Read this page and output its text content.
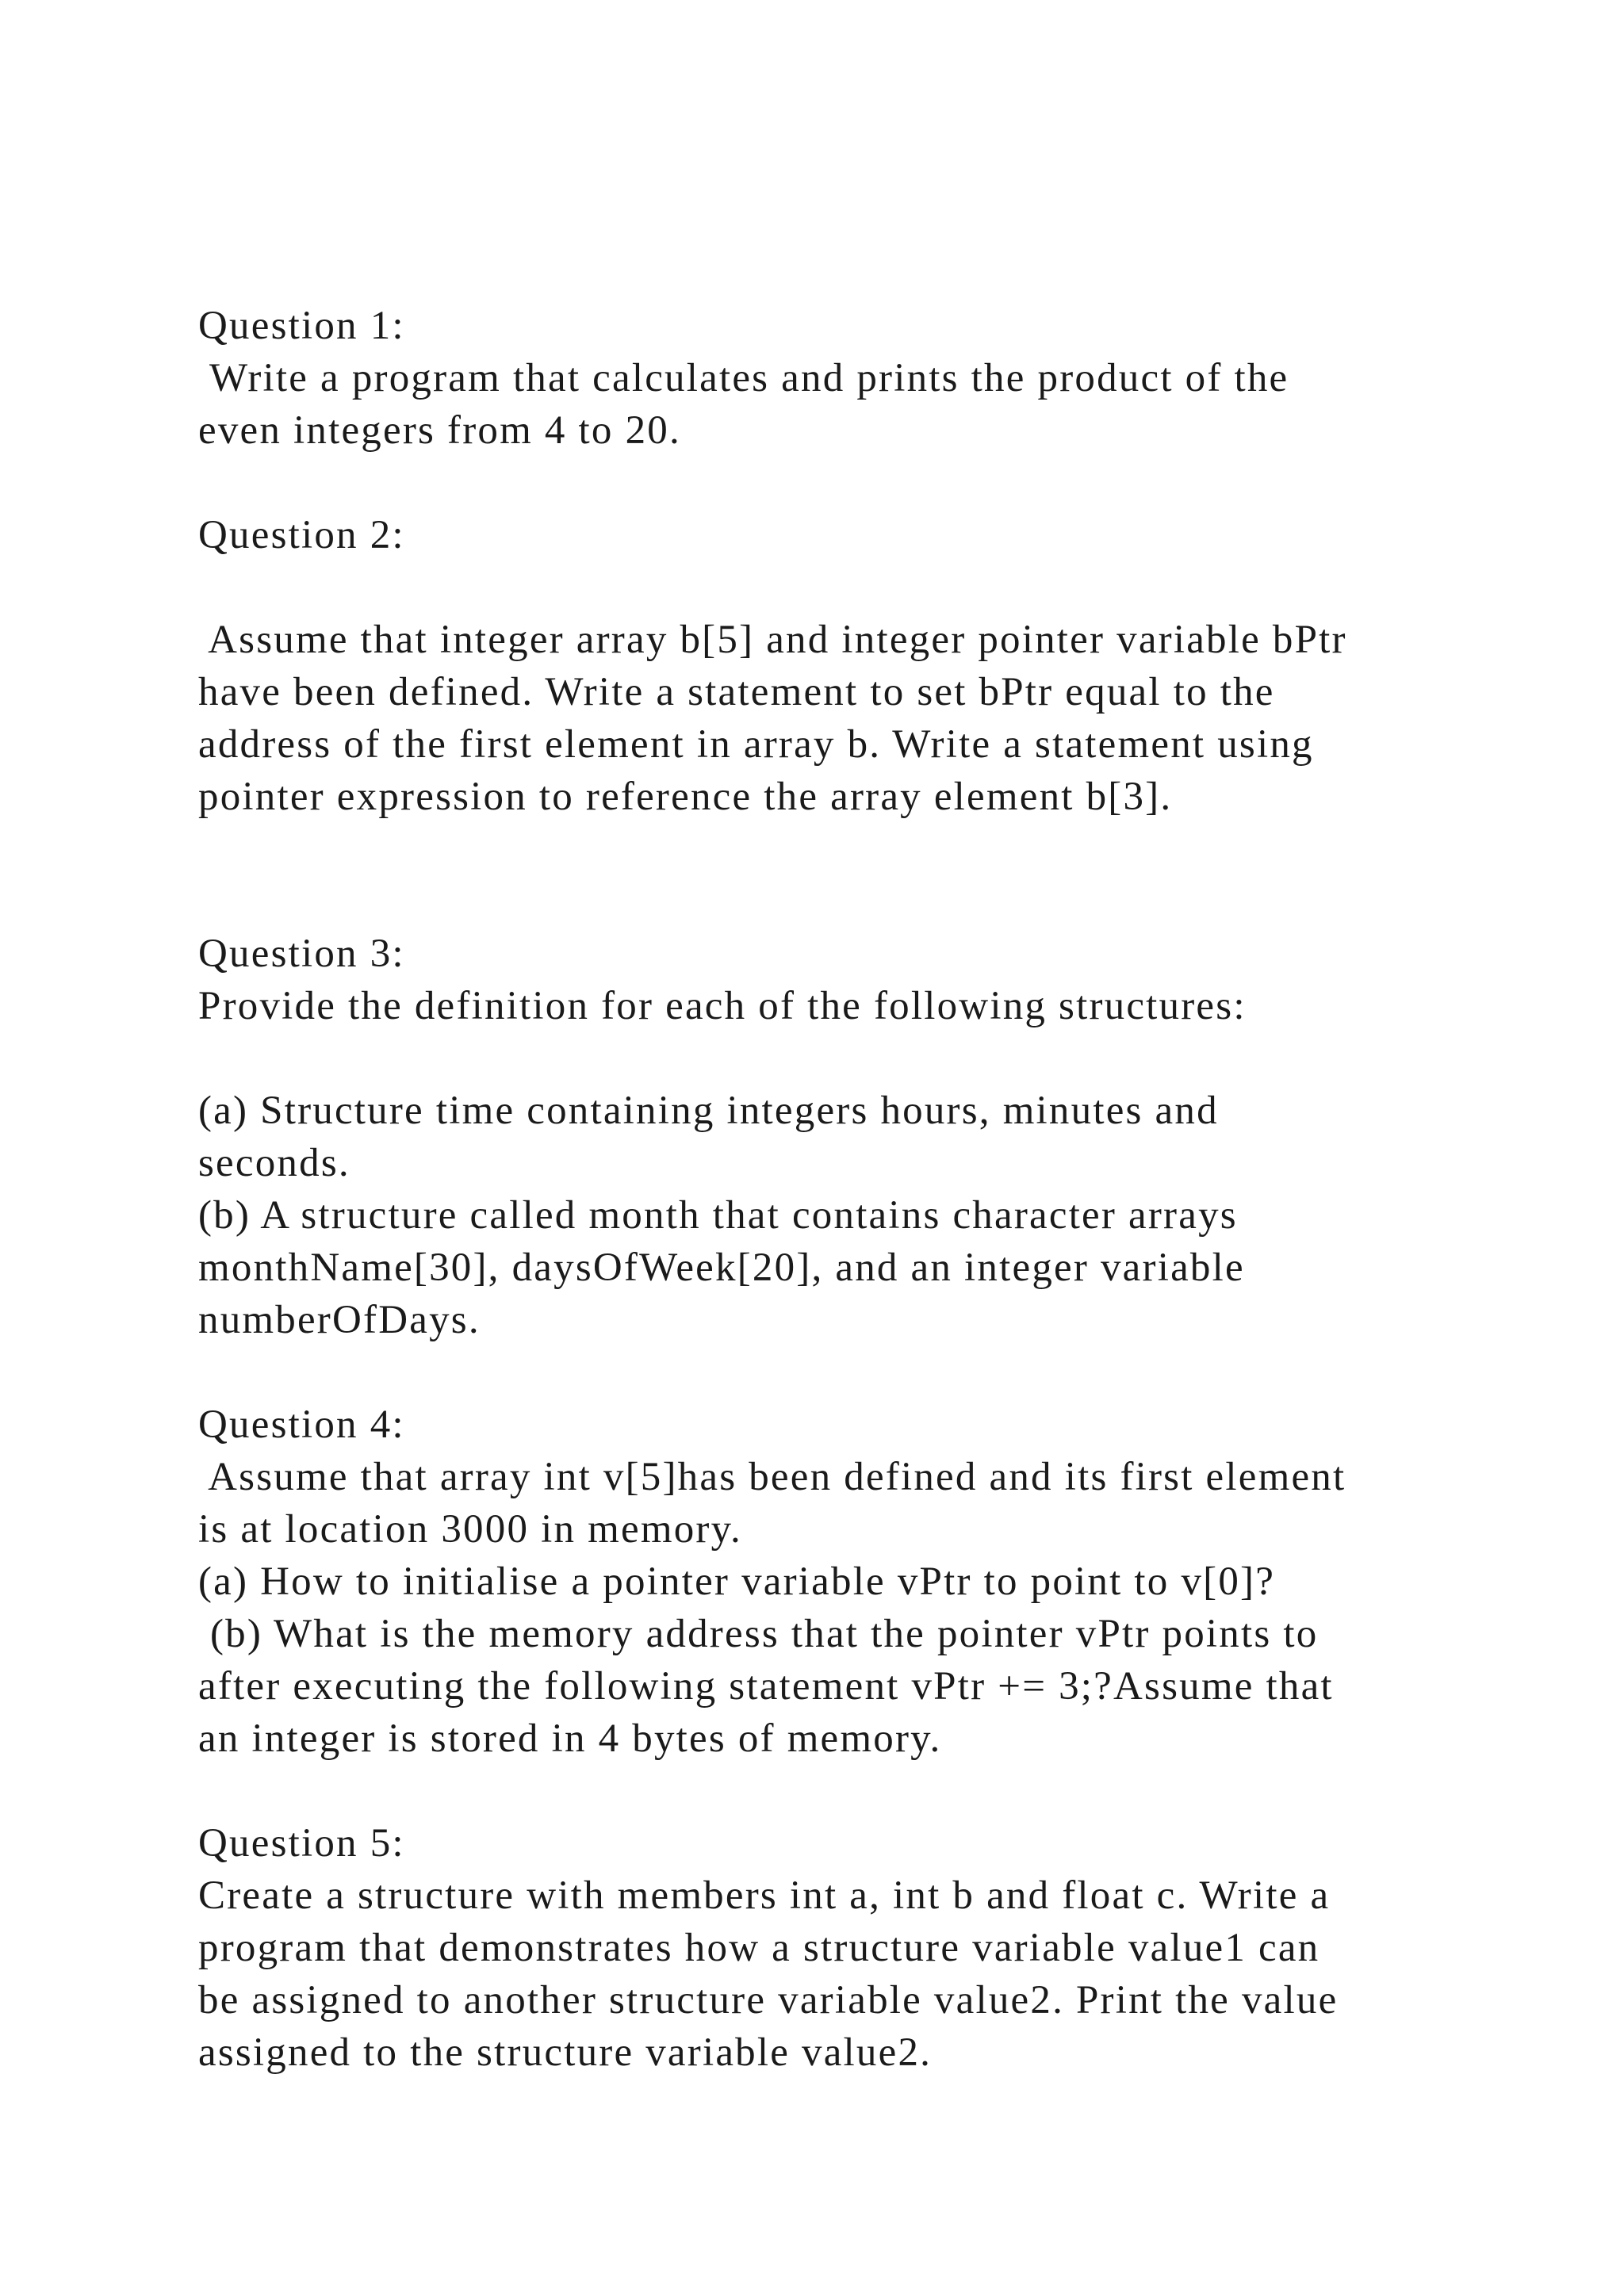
Question 1:
Write a program that calculates and prints the product of the
even integers from 4 to 20.
Question 2:
Assume that integer array b[5] and integer pointer variable bPtr
have been defined. Write a statement to set bPtr equal to the
address of the first element in array b. Write a statement using
pointer expression to reference the array element b[3].
Question 3:
Provide the definition for each of the following structures:
(a) Structure time containing integers hours, minutes and
seconds.
(b) A structure called month that contains character arrays
monthName[30], daysOfWeek[20], and an integer variable
numberOfDays.
Question 4:
Assume that array int v[5]has been defined and its first element
is at location 3000 in memory.
(a) How to initialise a pointer variable vPtr to point to v[0]?
(b) What is the memory address that the pointer vPtr points to
after executing the following statement vPtr += 3;?Assume that
an integer is stored in 4 bytes of memory.
Question 5:
Create a structure with members int a, int b and float c. Write a
program that demonstrates how a structure variable value1 can
be assigned to another structure variable value2. Print the value
assigned to the structure variable value2.
